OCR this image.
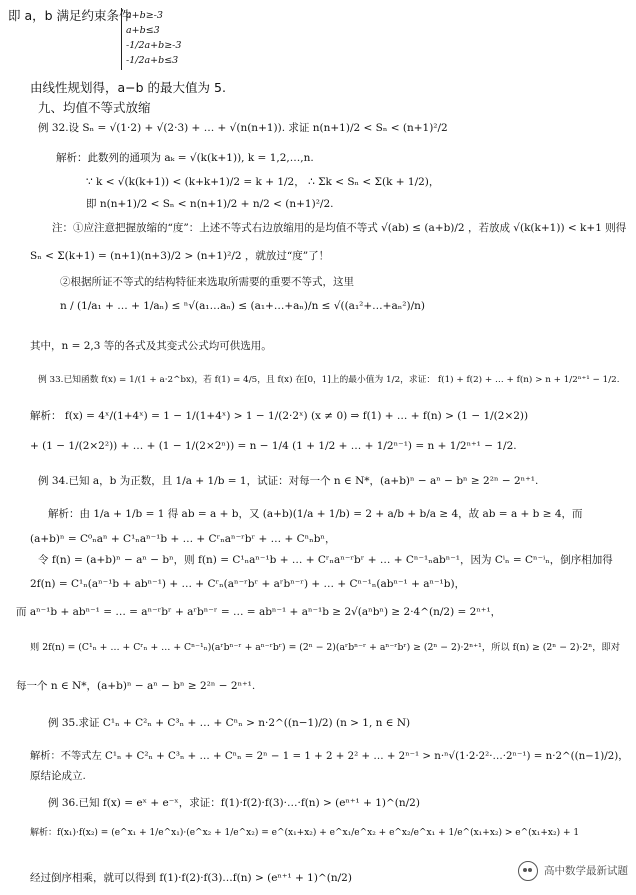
即 a，b 满足约束条件
a+b≥-3
a+b≤3
-1/2a+b≥-3
-1/2a+b≤3
由线性规划得，a−b 的最大值为 5.
九、均值不等式放缩
例 32.设 Sₙ = √(1·2) + √(2·3) + … + √(n(n+1)). 求证 n(n+1)/2 < Sₙ < (n+1)²/2
解析：此数列的通项为 aₖ = √(k(k+1)), k = 1,2,…,n.
∵ k < √(k(k+1)) < (k+k+1)/2 = k + 1/2， ∴ Σk < Sₙ < Σ(k + 1/2)，
即 n(n+1)/2 < Sₙ < n(n+1)/2 + n/2 < (n+1)²/2.
注：①应注意把握放缩的“度”：上述不等式右边放缩用的是均值不等式 √(ab) ≤ (a+b)/2 ，若放成 √(k(k+1)) < k+1 则得
Sₙ < Σ(k+1) = (n+1)(n+3)/2 > (n+1)²/2 ，就放过“度”了！
②根据所证不等式的结构特征来选取所需要的重要不等式，这里
n / (1/a₁ + … + 1/aₙ) ≤ ⁿ√(a₁…aₙ) ≤ (a₁+…+aₙ)/n ≤ √((a₁²+…+aₙ²)/n)
其中，n = 2,3 等的各式及其变式公式均可供选用。
例 33.已知函数 f(x) = 1/(1 + a·2^bx)，若 f(1) = 4/5，且 f(x) 在[0，1]上的最小值为 1/2，求证： f(1) + f(2) + … + f(n) > n + 1/2ⁿ⁺¹ − 1/2.
解析： f(x) = 4ˣ/(1+4ˣ) = 1 − 1/(1+4ˣ) > 1 − 1/(2·2ˣ) (x ≠ 0) ⇒ f(1) + … + f(n) > (1 − 1/(2×2))
+ (1 − 1/(2×2²)) + … + (1 − 1/(2×2ⁿ)) = n − 1/4 (1 + 1/2 + … + 1/2ⁿ⁻¹) = n + 1/2ⁿ⁺¹ − 1/2.
例 34.已知 a，b 为正数，且 1/a + 1/b = 1，试证：对每一个 n ∈ N*，(a+b)ⁿ − aⁿ − bⁿ ≥ 2²ⁿ − 2ⁿ⁺¹.
解析：由 1/a + 1/b = 1 得 ab = a + b，又 (a+b)(1/a + 1/b) = 2 + a/b + b/a ≥ 4，故 ab = a + b ≥ 4，而
(a+b)ⁿ = C⁰ₙaⁿ + C¹ₙaⁿ⁻¹b + … + Cʳₙaⁿ⁻ʳbʳ + … + Cⁿₙbⁿ，
令 f(n) = (a+b)ⁿ − aⁿ − bⁿ，则 f(n) = C¹ₙaⁿ⁻¹b + … + Cʳₙaⁿ⁻ʳbʳ + … + Cⁿ⁻¹ₙabⁿ⁻¹，因为 Cⁱₙ = Cⁿ⁻ⁱₙ，倒序相加得
2f(n) = C¹ₙ(aⁿ⁻¹b + abⁿ⁻¹) + … + Cʳₙ(aⁿ⁻ʳbʳ + aʳbⁿ⁻ʳ) + … + Cⁿ⁻¹ₙ(abⁿ⁻¹ + aⁿ⁻¹b)，
而 aⁿ⁻¹b + abⁿ⁻¹ = … = aⁿ⁻ʳbʳ + aʳbⁿ⁻ʳ = … = abⁿ⁻¹ + aⁿ⁻¹b ≥ 2√(aⁿbⁿ) ≥ 2·4^(n/2) = 2ⁿ⁺¹，
则 2f(n) = (C¹ₙ + … + Cʳₙ + … + Cⁿ⁻¹ₙ)(aʳbⁿ⁻ʳ + aⁿ⁻ʳbʳ) = (2ⁿ − 2)(aʳbⁿ⁻ʳ + aⁿ⁻ʳbʳ) ≥ (2ⁿ − 2)·2ⁿ⁺¹，所以 f(n) ≥ (2ⁿ − 2)·2ⁿ，即对
每一个 n ∈ N*，(a+b)ⁿ − aⁿ − bⁿ ≥ 2²ⁿ − 2ⁿ⁺¹.
例 35.求证 C¹ₙ + C²ₙ + C³ₙ + … + Cⁿₙ > n·2^((n−1)/2) (n > 1, n ∈ N)
解析：不等式左 C¹ₙ + C²ₙ + C³ₙ + … + Cⁿₙ = 2ⁿ − 1 = 1 + 2 + 2² + … + 2ⁿ⁻¹ > n·ⁿ√(1·2·2²·…·2ⁿ⁻¹) = n·2^((n−1)/2)，
原结论成立.
例 36.已知 f(x) = eˣ + e⁻ˣ，求证：f(1)·f(2)·f(3)·…·f(n) > (eⁿ⁺¹ + 1)^(n/2)
解析：f(x₁)·f(x₂) = (e^x₁ + 1/e^x₁)·(e^x₂ + 1/e^x₂) = e^(x₁+x₂) + e^x₁/e^x₂ + e^x₂/e^x₁ + 1/e^(x₁+x₂) > e^(x₁+x₂) + 1
经过倒序相乘，就可以得到 f(1)·f(2)·f(3)…f(n) > (eⁿ⁺¹ + 1)^(n/2)
高中数学最新试题
